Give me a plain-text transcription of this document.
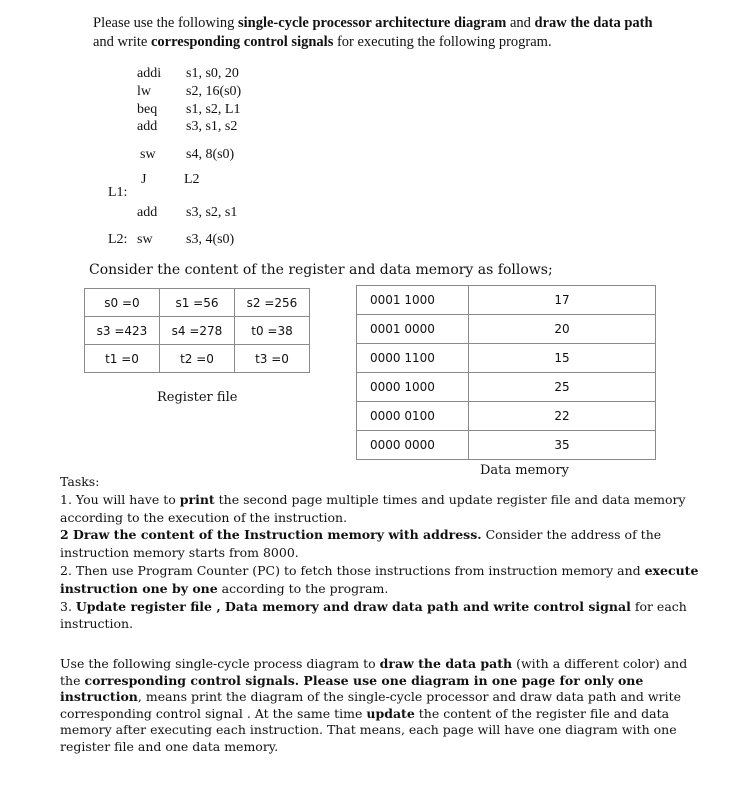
Please use the following single-cycle processor architecture diagram and draw the data path and write corresponding control signals for executing the following program.
addi s1, s0, 20
lw	s2, 16(s0)
beq s1, s2, L1
add s3, s1, s2
sw s4, 8(s0)
J	L2
L1:
add s3, s2, s1
L2: sw s3, 4(s0)
Consider the content of the register and data memory as follows;
s0 =0	s1 =56	s2 =256
s3 =423	s4 =278	t0 =38
t1 =0	t2 =0	t3 =0
Register file
0001 1000	17
0001 0000	20
0000 1100	15
0000 1000	25
0000 0100	22
0000 0000	35
Data memory

Tasks:

1. You will have to print the second page multiple times and update register file and data memory according to the execution of the instruction.

2 Draw the content of the Instruction memory with address. Consider the address of the instruction memory starts from 8000.

2. Then use Program Counter (PC) to fetch those instructions from instruction memory and execute instruction one by one according to the program.

3. Update register file , Data memory and draw data path and write control signal for each instruction.

Use the following single-cycle process diagram to draw the data path (with a different color) and the corresponding control signals. Please use one diagram in one page for only one instruction, means print the diagram of the single-cycle processor and draw data path and write corresponding control signal . At the same time update the content of the register file and data memory after executing each instruction. That means, each page will have one diagram with one register file and one data memory.
